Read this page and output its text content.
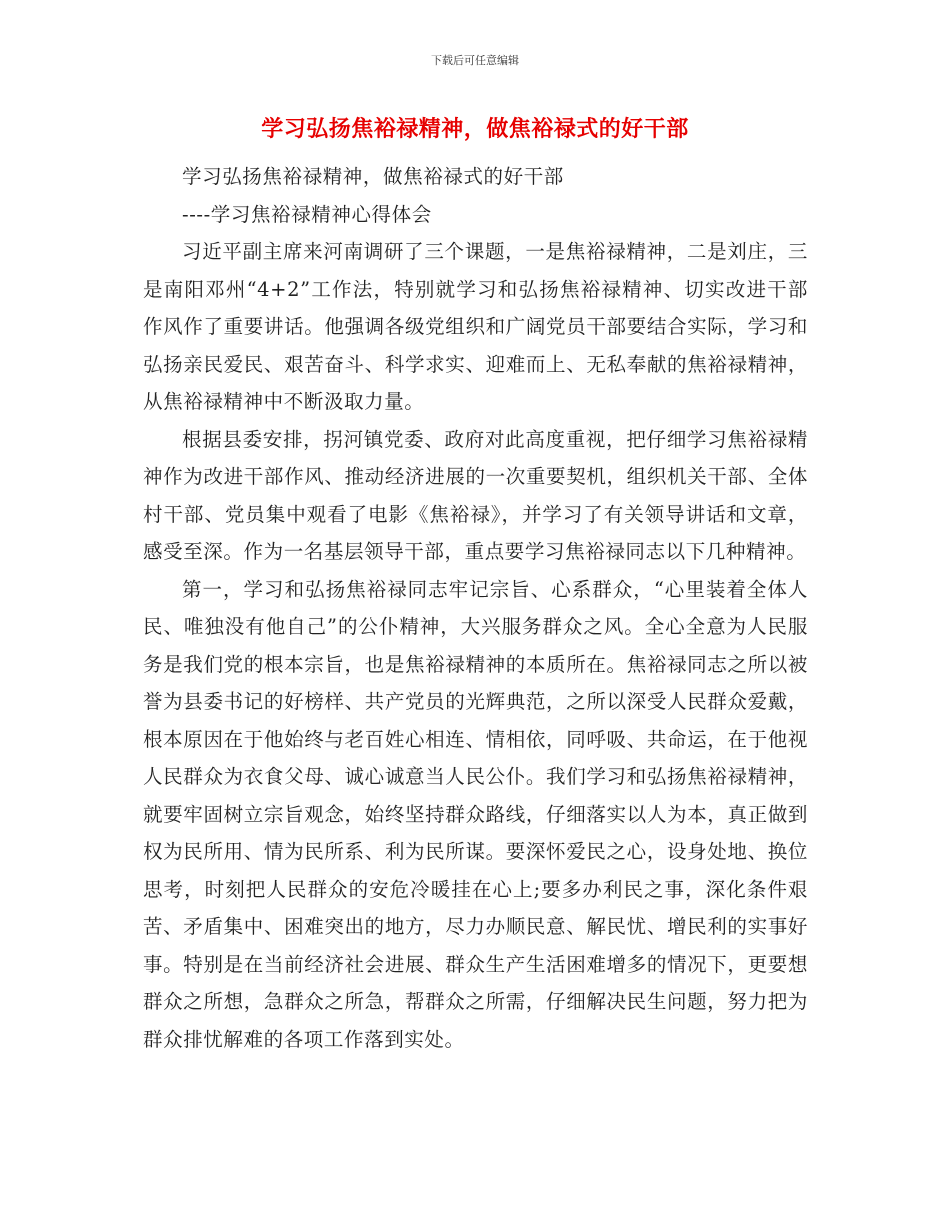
下载后可任意编辑
学习弘扬焦裕禄精神，做焦裕禄式的好干部

学习弘扬焦裕禄精神，做焦裕禄式的好干部

----学习焦裕禄精神心得体会

习近平副主席来河南调研了三个课题，一是焦裕禄精神，二是刘庄，三是南阳邓州“4+2”工作法，特别就学习和弘扬焦裕禄精神、切实改进干部作风作了重要讲话。他强调各级党组织和广阔党员干部要结合实际，学习和弘扬亲民爱民、艰苦奋斗、科学求实、迎难而上、无私奉献的焦裕禄精神，从焦裕禄精神中不断汲取力量。

根据县委安排，拐河镇党委、政府对此高度重视，把仔细学习焦裕禄精神作为改进干部作风、推动经济进展的一次重要契机，组织机关干部、全体村干部、党员集中观看了电影《焦裕禄》，并学习了有关领导讲话和文章，感受至深。作为一名基层领导干部，重点要学习焦裕禄同志以下几种精神。

第一，学习和弘扬焦裕禄同志牢记宗旨、心系群众，“心里装着全体人民、唯独没有他自己”的公仆精神，大兴服务群众之风。全心全意为人民服务是我们党的根本宗旨，也是焦裕禄精神的本质所在。焦裕禄同志之所以被誉为县委书记的好榜样、共产党员的光辉典范，之所以深受人民群众爱戴，根本原因在于他始终与老百姓心相连、情相依，同呼吸、共命运，在于他视人民群众为衣食父母、诚心诚意当人民公仆。我们学习和弘扬焦裕禄精神，就要牢固树立宗旨观念，始终坚持群众路线，仔细落实以人为本，真正做到权为民所用、情为民所系、利为民所谋。要深怀爱民之心，设身处地、换位思考，时刻把人民群众的安危冷暖挂在心上;要多办利民之事，深化条件艰苦、矛盾集中、困难突出的地方，尽力办顺民意、解民忧、增民利的实事好事。特别是在当前经济社会进展、群众生产生活困难增多的情况下，更要想群众之所想，急群众之所急，帮群众之所需，仔细解决民生问题，努力把为群众排忧解难的各项工作落到实处。
